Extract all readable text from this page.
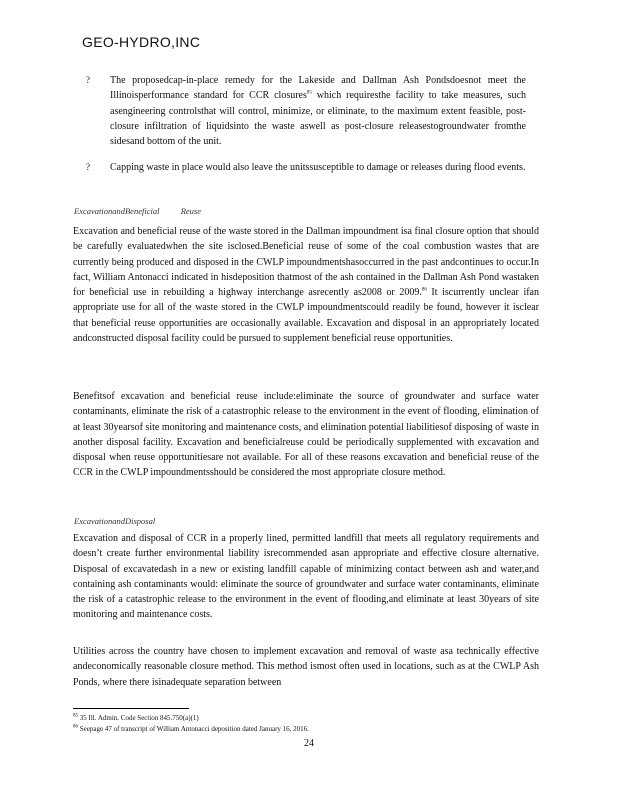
GEO-HYDRO,INC
? The proposedcap-in-place remedy for the Lakeside and Dallman Ash Pondsdoesnot meet the Illinoisperformance standard for CCR closures$^{85}$ which requiresthe facility to take measures, such asengineering controlsthat will control, minimize, or eliminate, to the maximum extent feasible, post-closure infiltration of liquidsinto the waste aswell as post-closure releasestogroundwater fromthe sidesand bottom of the unit.
? Capping waste in place would also leave the unitssusceptible to damage or releases during flood events.
ExcavationandBeneficial          Reuse
Excavation and beneficial reuse of the waste stored in the Dallman impoundment isa final closure option that should be carefully evaluatedwhen the site isclosed.Beneficial reuse of some of the coal combustion wastes that are currently being produced and disposed in the CWLP impoundmentshasoccurred in the past andcontinues to occur.In fact, William Antonacci indicated in hisdeposition thatmost of the ash contained in the Dallman Ash Pond wastaken for beneficial use in rebuilding a highway interchange asrecently as2008 or 2009.86 It iscurrently unclear ifan appropriate use for all of the waste stored in the CWLP impoundmentscould readily be found, however it isclear that beneficial reuse opportunities are occasionally available. Excavation and disposal in an appropriately located andconstructed disposal facility could be pursued to supplement beneficial reuse opportunities.
Benefitsof excavation and beneficial reuse include:eliminate the source of groundwater and surface water contaminants, eliminate the risk of a catastrophic release to the environment in the event of flooding, elimination of at least 30yearsof site monitoring and maintenance costs, and elimination potential liabilitiesof disposing of waste in another disposal facility. Excavation and beneficialreuse could be periodically supplemented with excavation and disposal when reuse opportunitiesare not available. For all of these reasons excavation and beneficial reuse of the CCR in the CWLP impoundmentsshould be considered the most appropriate closure method.
ExcavationandDisposal
Excavation and disposal of CCR in a properly lined, permitted landfill that meets all regulatory requirements and doesn’t create further environmental liability isrecommended asan appropriate and effective closure alternative. Disposal of excavatedash in a new or existing landfill capable of minimizing contact between ash and water,and containing ash contaminants would: eliminate the source of groundwater and surface water contaminants, eliminate the risk of a catastrophic release to the environment in the event of flooding,and eliminate at least 30years of site monitoring and maintenance costs.
Utilities across the country have chosen to implement excavation and removal of waste asa technically effective andeconomically reasonable closure method. This method ismost often used in locations, such as at the CWLP Ash Ponds, where there isinadequate separation between
$^{85}$ 35 Ill. Admin. Code Section 845.750(a)(1)
$^{86}$ Seepage 47 of transcript of William Antonacci deposition dated January 16, 2016.
24
